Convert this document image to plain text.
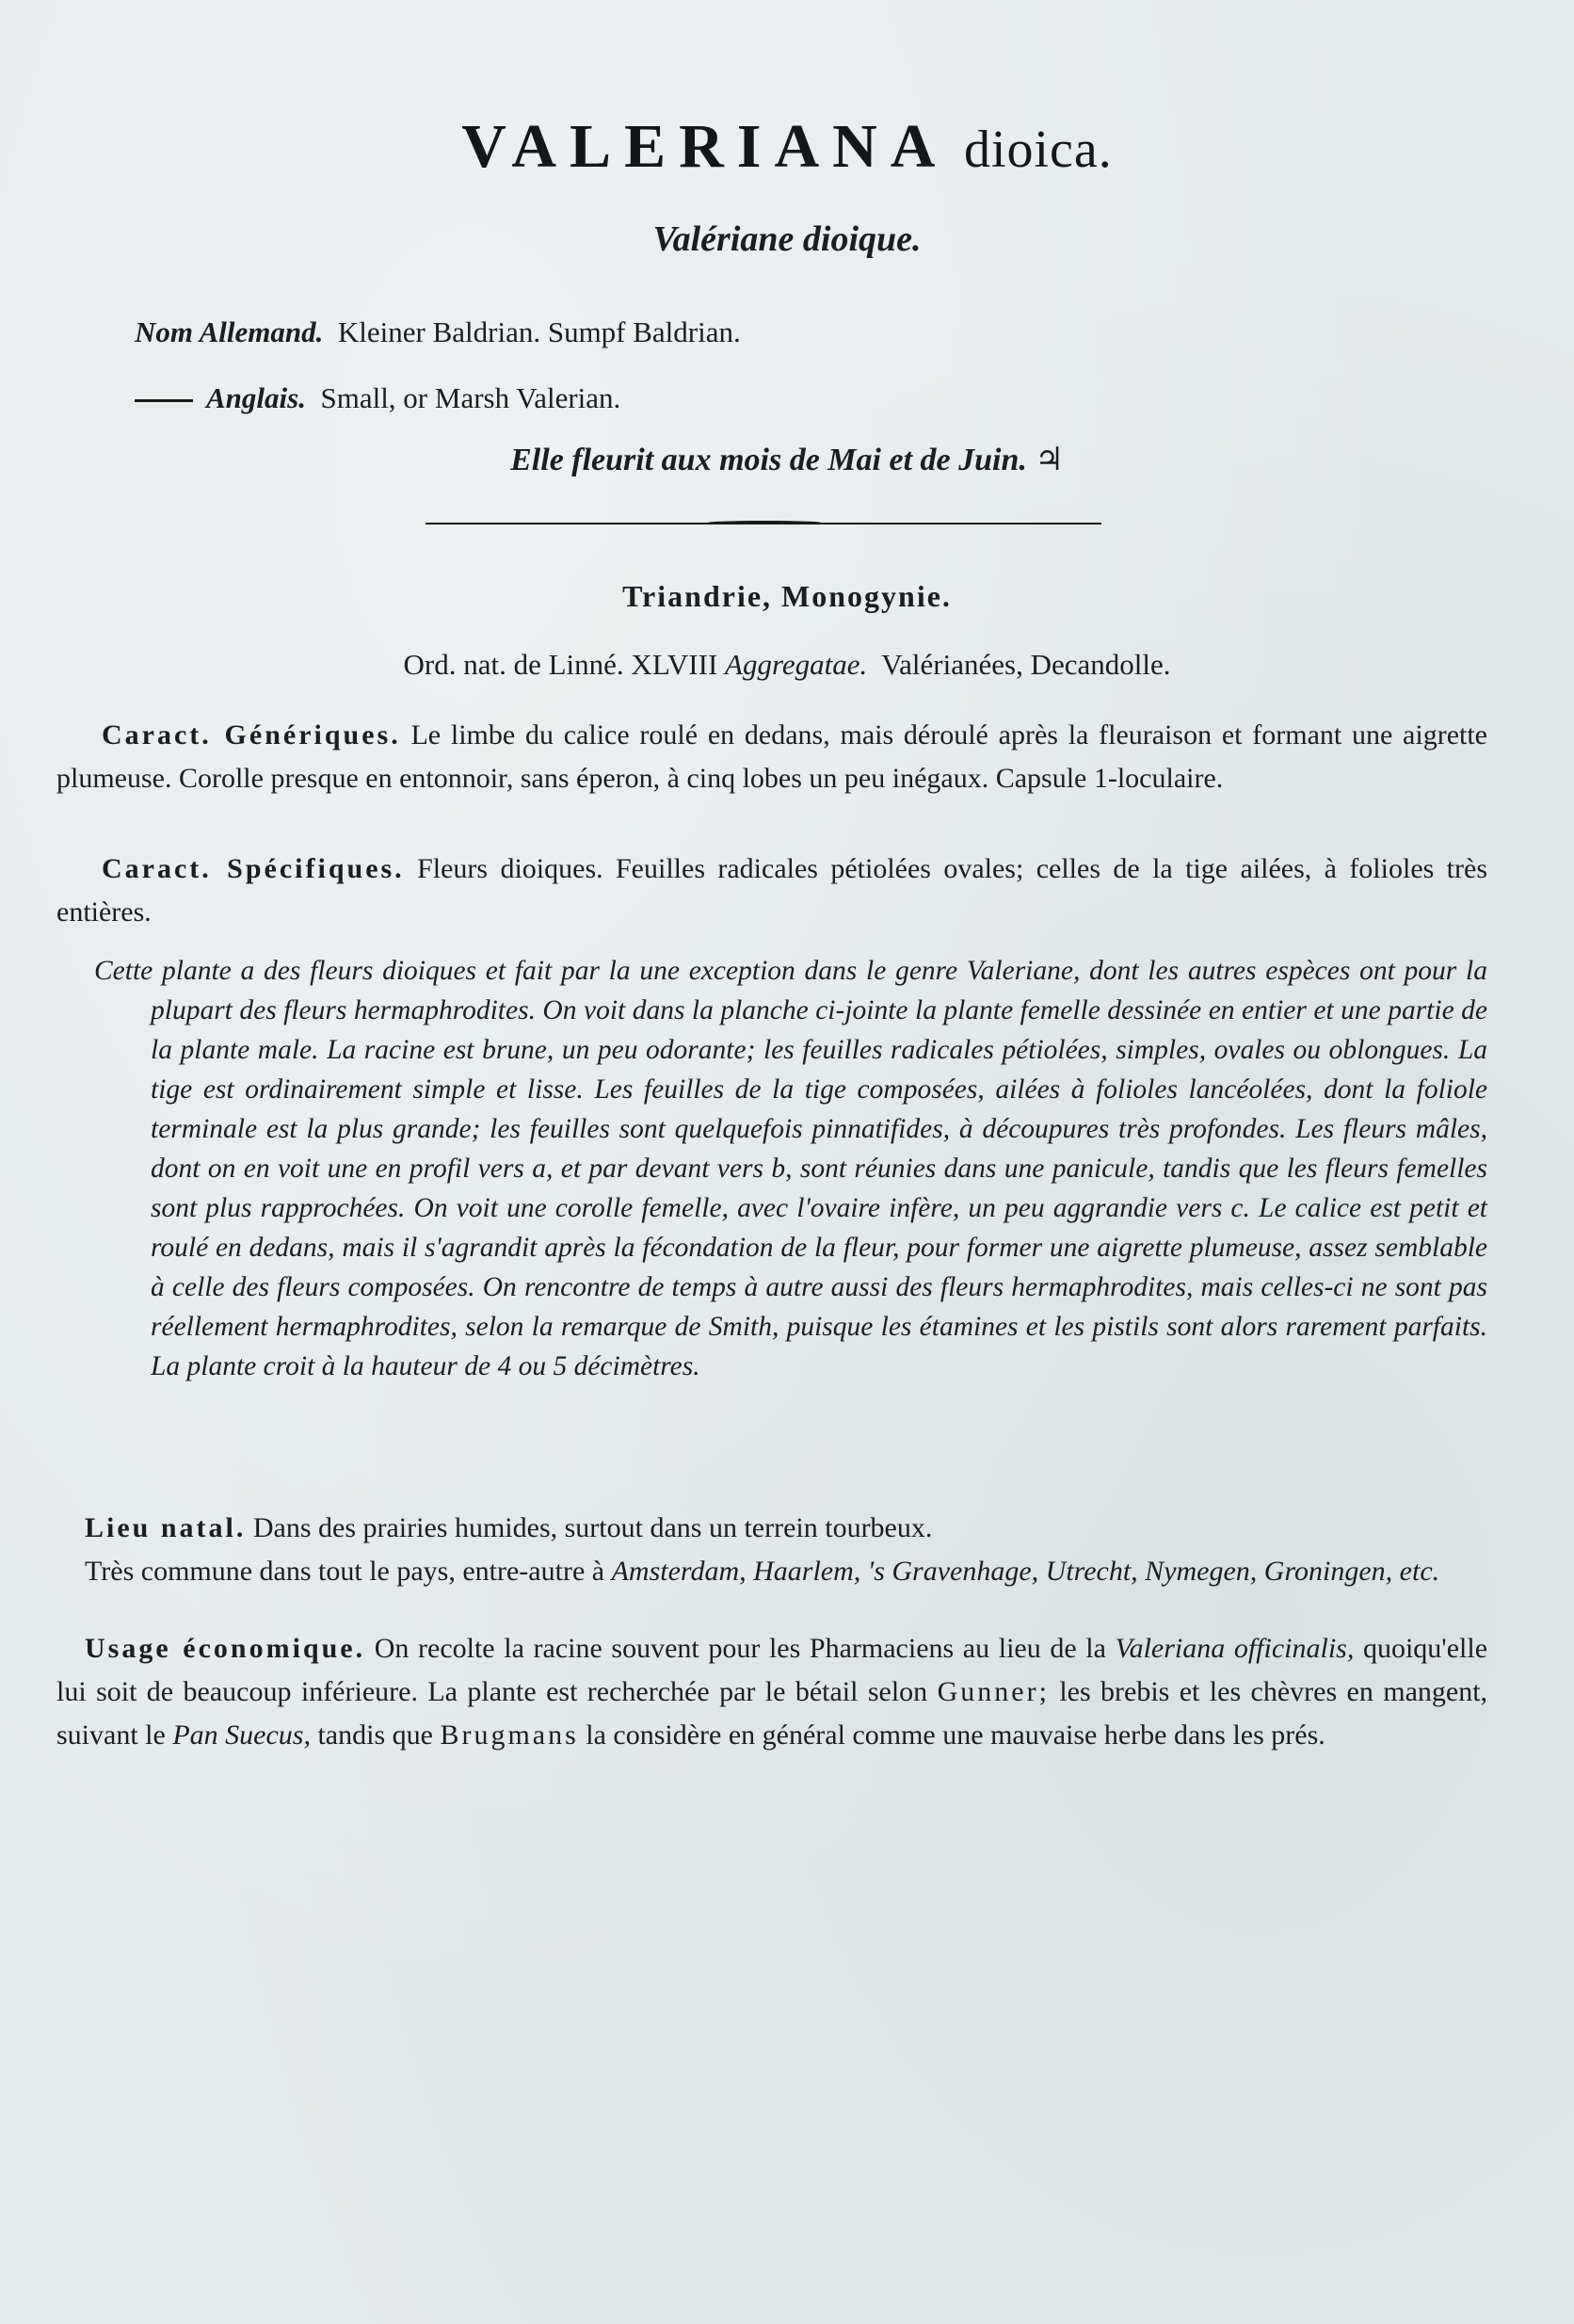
VALERIANA dioica.
Valériane dioique.
Nom Allemand. Kleiner Baldrian. Sumpf Baldrian.
Anglais. Small, or Marsh Valerian.
Elle fleurit aux mois de Mai et de Juin. ♃
Triandrie, Monogynie.
Ord. nat. de Linné. XLVIII Aggregatae. Valérianées, Decandolle.
Caract. Génériques. Le limbe du calice roulé en dedans, mais déroulé après la fleuraison et formant une aigrette plumeuse. Corolle presque en entonnoir, sans éperon, à cinq lobes un peu inégaux. Capsule 1-loculaire.
Caract. Spécifiques. Fleurs dioiques. Feuilles radicales pétiolées ovales; celles de la tige ailées, à folioles très entières.
Cette plante a des fleurs dioiques et fait par la une exception dans le genre Valeriane, dont les autres espèces ont pour la plupart des fleurs hermaphrodites. On voit dans la planche ci-jointe la plante femelle dessinée en entier et une partie de la plante male. La racine est brune, un peu odorante; les feuilles radicales pétiolées, simples, ovales ou oblongues. La tige est ordinairement simple et lisse. Les feuilles de la tige composées, ailées à folioles lancéolées, dont la foliole terminale est la plus grande; les feuilles sont quelquefois pinnatifides, à découpures très profondes. Les fleurs mâles, dont on en voit une en profil vers a, et par devant vers b, sont réunies dans une panicule, tandis que les fleurs femelles sont plus rapprochées. On voit une corolle femelle, avec l'ovaire infère, un peu aggrandie vers c. Le calice est petit et roulé en dedans, mais il s'agrandit après la fécondation de la fleur, pour former une aigrette plumeuse, assez semblable à celle des fleurs composées. On rencontre de temps à autre aussi des fleurs hermaphrodites, mais celles-ci ne sont pas réellement hermaphrodites, selon la remarque de Smith, puisque les étamines et les pistils sont alors rarement parfaits. La plante croit à la hauteur de 4 ou 5 décimètres.
Lieu natal. Dans des prairies humides, surtout dans un terrein tourbeux.
Très commune dans tout le pays, entre-autre à Amsterdam, Haarlem, 's Gravenhage, Utrecht, Nymegen, Groningen, etc.
Usage économique. On recolte la racine souvent pour les Pharmaciens au lieu de la Valeriana officinalis, quoiqu'elle lui soit de beaucoup inférieure. La plante est recherchée par le bétail selon Gunner; les brebis et les chèvres en mangent, suivant le Pan Suecus, tandis que Brugmans la considère en général comme une mauvaise herbe dans les prés.
